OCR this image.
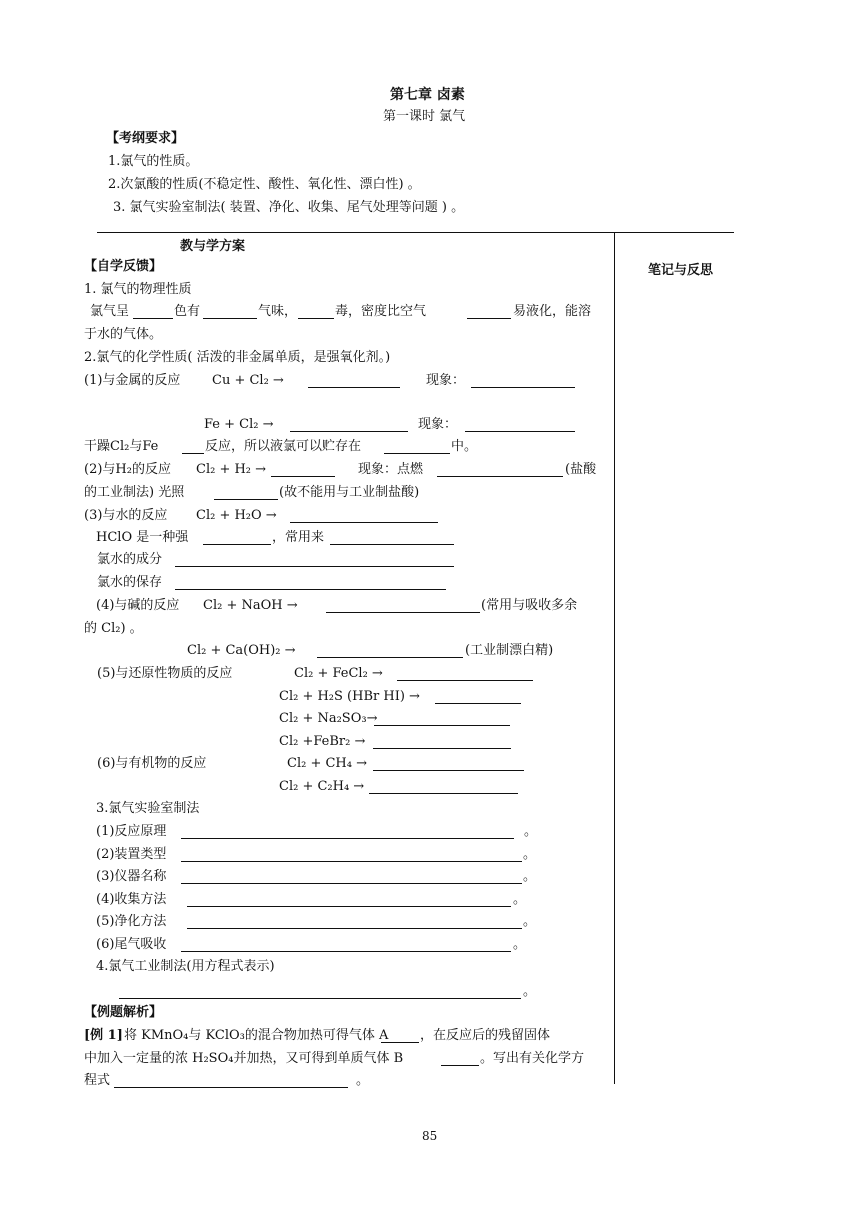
第七章 卤素
第一课时 氯气
【考纲要求】
1.氯气的性质。
2.次氯酸的性质(不稳定性、酸性、氧化性、漂白性) 。
3. 氯气实验室制法( 装置、净化、收集、尾气处理等问题 ) 。
教与学方案
笔记与反思
【自学反馈】
1. 氯气的物理性质
氯气呈	色有	气味，	毒，密度比空气	易液化，能溶
于水的气体。
2.氯气的化学性质( 活泼的非金属单质，是强氧化剂。)
(1)与金属的反应 Cu + Cl₂ →	现象：
Fe + Cl₂ →	现象：
干躁Cl₂与Fe	反应，所以液氯可以贮存在	中。
(2)与H₂的反应 Cl₂ + H₂ →	现象：点燃	(盐酸
的工业制法) 光照	(故不能用与工业制盐酸)
(3)与水的反应 Cl₂ + H₂O →
HClO 是一种强	，常用来
氯水的成分
氯水的保存
(4)与碱的反应 Cl₂ + NaOH →	(常用与吸收多余
的 Cl₂) 。
Cl₂ + Ca(OH)₂ →	(工业制漂白精)
(5)与还原性物质的反应	Cl₂ + FeCl₂ →
Cl₂ + H₂S (HBr HI) →
Cl₂ + Na₂SO₃→
Cl₂ +FeBr₂ →
(6)与有机物的反应	Cl₂ + CH₄ →
Cl₂ + C₂H₄ →
3.氯气实验室制法
(1)反应原理	。
(2)装置类型	。
(3)仪器名称	。
(4)收集方法	。
(5)净化方法	。
(6)尾气吸收	。
4.氯气工业制法(用方程式表示)
。
【例题解析】
[例 1] 将 KMnO₄与 KClO₃的混合物加热可得气体 A ，在反应后的残留固体
中加入一定量的浓 H₂SO₄并加热，又可得到单质气体 B	。写出有关化学方
程式	。
85
